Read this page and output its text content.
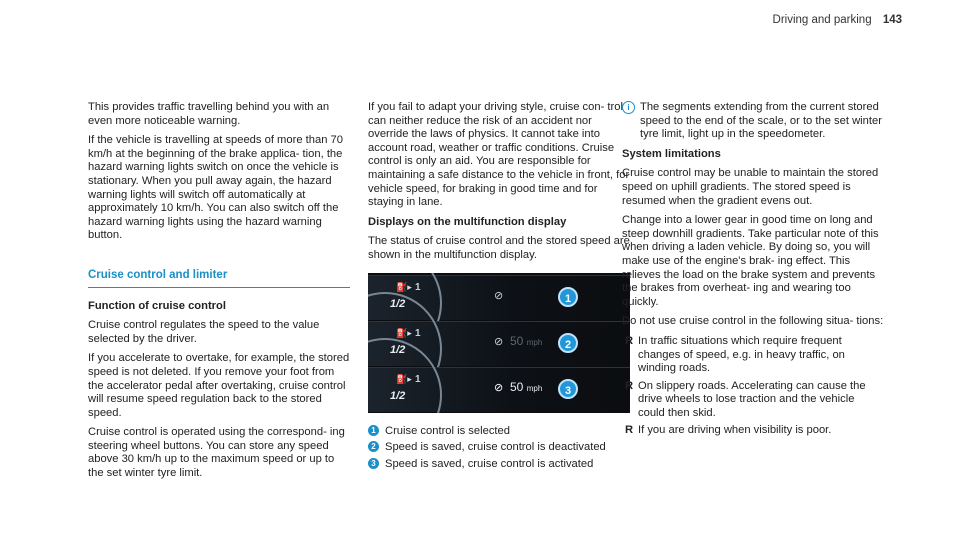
Driving and parking 143

This provides traffic travelling behind you with an even more noticeable warning.

If the vehicle is travelling at speeds of more than 70 km/h at the beginning of the brake applica- tion, the hazard warning lights switch on once the vehicle is stationary. When you pull away again, the hazard warning lights will switch off automatically at approximately 10 km/h. You can also switch off the hazard warning lights using the hazard warning button.

Cruise control and limiter

Function of cruise control

Cruise control regulates the speed to the value selected by the driver.

If you accelerate to overtake, for example, the stored speed is not deleted. If you remove your foot from the accelerator pedal after overtaking, cruise control will resume speed regulation back to the stored speed.

Cruise control is operated using the correspond- ing steering wheel buttons. You can store any speed above 30 km/h up to the maximum speed or up to the set winter tyre limit.

If you fail to adapt your driving style, cruise con- trol can neither reduce the risk of an accident nor override the laws of physics. It cannot take into account road, weather or traffic conditions. Cruise control is only an aid. You are responsible for maintaining a safe distance to the vehicle in front, for vehicle speed, for braking in good time and for staying in lane.

Displays on the multifunction display

The status of cruise control and the stored speed are shown in the multifunction display.

⛽▸ 1
1/2
⊘	1
⛽▸ 1
1/2
⊘ 50 mph	2
⛽▸ 1
1/2
⊘ 50 mph	3
1 Cruise control is selected
2 Speed is saved, cruise control is deactivated
3 Speed is saved, cruise control is activated

i The segments extending from the current stored speed to the end of the scale, or to the set winter tyre limit, light up in the speedometer.

System limitations

Cruise control may be unable to maintain the stored speed on uphill gradients. The stored speed is resumed when the gradient evens out.

Change into a lower gear in good time on long and steep downhill gradients. Take particular note of this when driving a laden vehicle. By doing so, you will make use of the engine's brak- ing effect. This relieves the load on the brake system and prevents the brakes from overheat- ing and wearing too quickly.

Do not use cruise control in the following situa- tions:

R In traffic situations which require frequent changes of speed, e.g. in heavy traffic, on winding roads.
R On slippery roads. Accelerating can cause the drive wheels to lose traction and the vehicle could then skid.
R If you are driving when visibility is poor.
